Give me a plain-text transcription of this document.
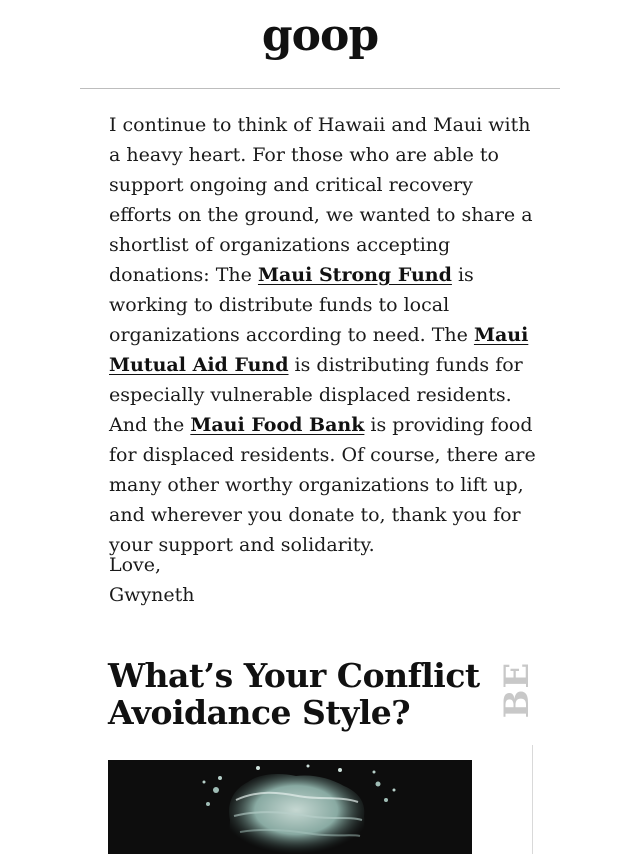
goop
I continue to think of Hawaii and Maui with a heavy heart. For those who are able to support ongoing and critical recovery efforts on the ground, we wanted to share a shortlist of organizations accepting donations: The Maui Strong Fund is working to distribute funds to local organizations according to need. The Maui Mutual Aid Fund is distributing funds for especially vulnerable displaced residents. And the Maui Food Bank is providing food for displaced residents. Of course, there are many other worthy organizations to lift up, and wherever you donate to, thank you for your support and solidarity.
Love,
Gwyneth
What’s Your Conflict Avoidance Style?	BE
